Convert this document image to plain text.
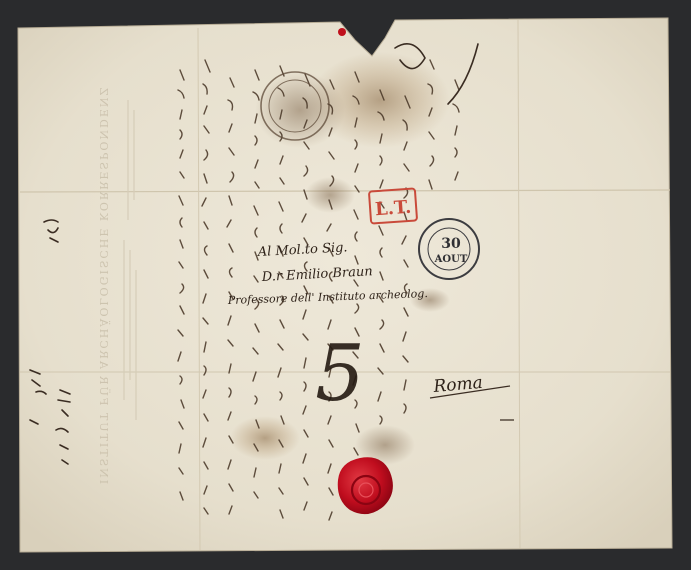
INSTITUT FÜR ARCHÄOLOGISCHE KORRESPONDENZ	L.T.
30
AOUT
Al Mol.to Sig.
D.r Emilio Braun
Professore dell' Instituto archeolog.
5	Roma
